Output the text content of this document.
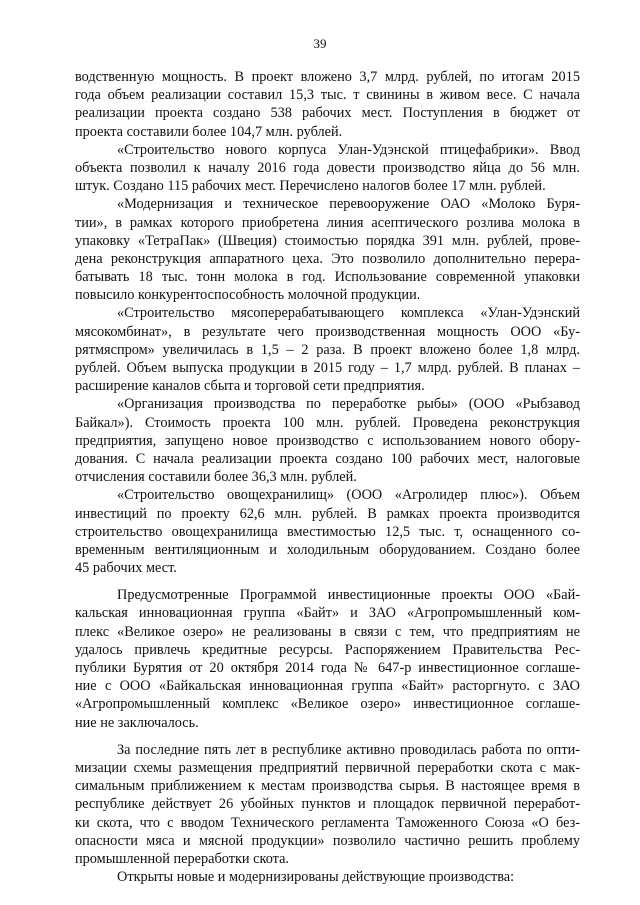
39
водственную мощность. В проект вложено 3,7 млрд. рублей, по итогам 2015
года объем реализации составил 15,3 тыс. т свинины в живом весе. С начала
реализации проекта создано 538 рабочих мест. Поступления в бюджет от
проекта составили более 104,7 млн. рублей.
«Строительство нового корпуса Улан-Удэнской птицефабрики». Ввод
объекта позволил к началу 2016 года довести производство яйца до 56 млн.
штук. Создано 115 рабочих мест. Перечислено налогов более 17 млн. рублей.
«Модернизация и техническое перевооружение ОАО «Молоко Буря-
тии», в рамках которого приобретена линия асептического розлива молока в
упаковку «ТетраПак» (Швеция) стоимостью порядка 391 млн. рублей, прове-
дена реконструкция аппаратного цеха. Это позволило дополнительно перера-
батывать 18 тыс. тонн молока в год. Использование современной упаковки
повысило конкурентоспособность молочной продукции.
«Строительство мясоперерабатывающего комплекса «Улан-Удэнский
мясокомбинат», в результате чего производственная мощность ООО «Бу-
рятмяспром» увеличилась в 1,5 – 2 раза. В проект вложено более 1,8 млрд.
рублей. Объем выпуска продукции в 2015 году – 1,7 млрд. рублей. В планах –
расширение каналов сбыта и торговой сети предприятия.
«Организация производства по переработке рыбы» (ООО «Рыбзавод
Байкал»). Стоимость проекта 100 млн. рублей. Проведена реконструкция
предприятия, запущено новое производство с использованием нового обору-
дования. С начала реализации проекта создано 100 рабочих мест, налоговые
отчисления составили более 36,3 млн. рублей.
«Строительство овощехранилищ» (ООО «Агролидер плюс»). Объем
инвестиций по проекту 62,6 млн. рублей. В рамках проекта производится
строительство овощехранилища вместимостью 12,5 тыс. т, оснащенного со-
временным вентиляционным и холодильным оборудованием. Создано более
45 рабочих мест.
Предусмотренные Программой инвестиционные проекты ООО «Бай-
кальская инновационная группа «Байт» и ЗАО «Агропромышленный ком-
плекс «Великое озеро» не реализованы в связи с тем, что предприятиям не
удалось привлечь кредитные ресурсы. Распоряжением Правительства Рес-
публики Бурятия от 20 октября 2014 года № 647-р инвестиционное соглаше-
ние с ООО «Байкальская инновационная группа «Байт» расторгнуто. с ЗАО
«Агропромышленный комплекс «Великое озеро» инвестиционное соглаше-
ние не заключалось.
За последние пять лет в республике активно проводилась работа по опти-
мизации схемы размещения предприятий первичной переработки скота с мак-
симальным приближением к местам производства сырья. В настоящее время в
республике действует 26 убойных пунктов и площадок первичной переработ-
ки скота, что с вводом Технического регламента Таможенного Союза «О без-
опасности мяса и мясной продукции» позволило частично решить проблему
промышленной переработки скота.
Открыты новые и модернизированы действующие производства:
